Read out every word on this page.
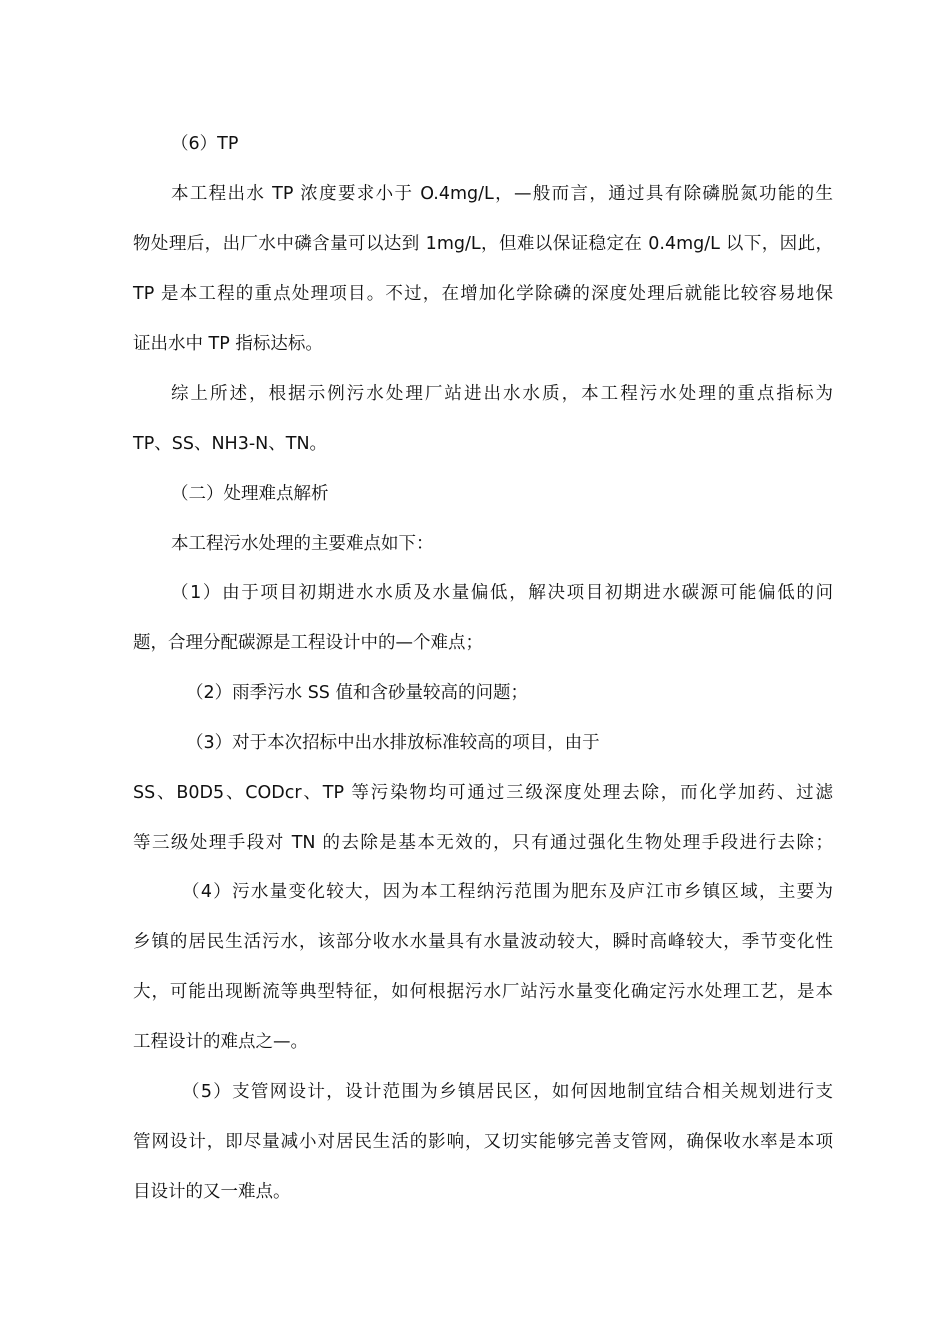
（6）TP
本工程出水 TP 浓度要求小于 O.4mg/L，—般而言，通过具有除磷脱氮功能的生
物处理后，出厂水中磷含量可以达到 1mg/L，但难以保证稳定在 0.4mg/L 以下，因此，
TP 是本工程的重点处理项目。不过，在增加化学除磷的深度处理后就能比较容易地保
证出水中 TP 指标达标。
综上所述，根据示例污水处理厂站进出水水质，本工程污水处理的重点指标为
TP、SS、NH3-N、TN。
（二）处理难点解析
本工程污水处理的主要难点如下：
（1）由于项目初期进水水质及水量偏低，解决项目初期进水碳源可能偏低的问
题，合理分配碳源是工程设计中的—个难点；
（2）雨季污水 SS 值和含砂量较高的问题；
（3）对于本次招标中出水排放标准较高的项目，由于
SS、B0D5、CODcr、TP 等污染物均可通过三级深度处理去除，而化学加药、过滤
等三级处理手段对 TN 的去除是基本无效的，只有通过强化生物处理手段进行去除；
（4）污水量变化较大，因为本工程纳污范围为肥东及庐江市乡镇区域，主要为
乡镇的居民生活污水，该部分收水水量具有水量波动较大，瞬时高峰较大，季节变化性
大，可能出现断流等典型特征，如何根据污水厂站污水量变化确定污水处理工艺，是本
工程设计的难点之—。
（5）支管网设计，设计范围为乡镇居民区，如何因地制宜结合相关规划进行支
管网设计，即尽量减小对居民生活的影响，又切实能够完善支管网，确保收水率是本项
目设计的又一难点。
